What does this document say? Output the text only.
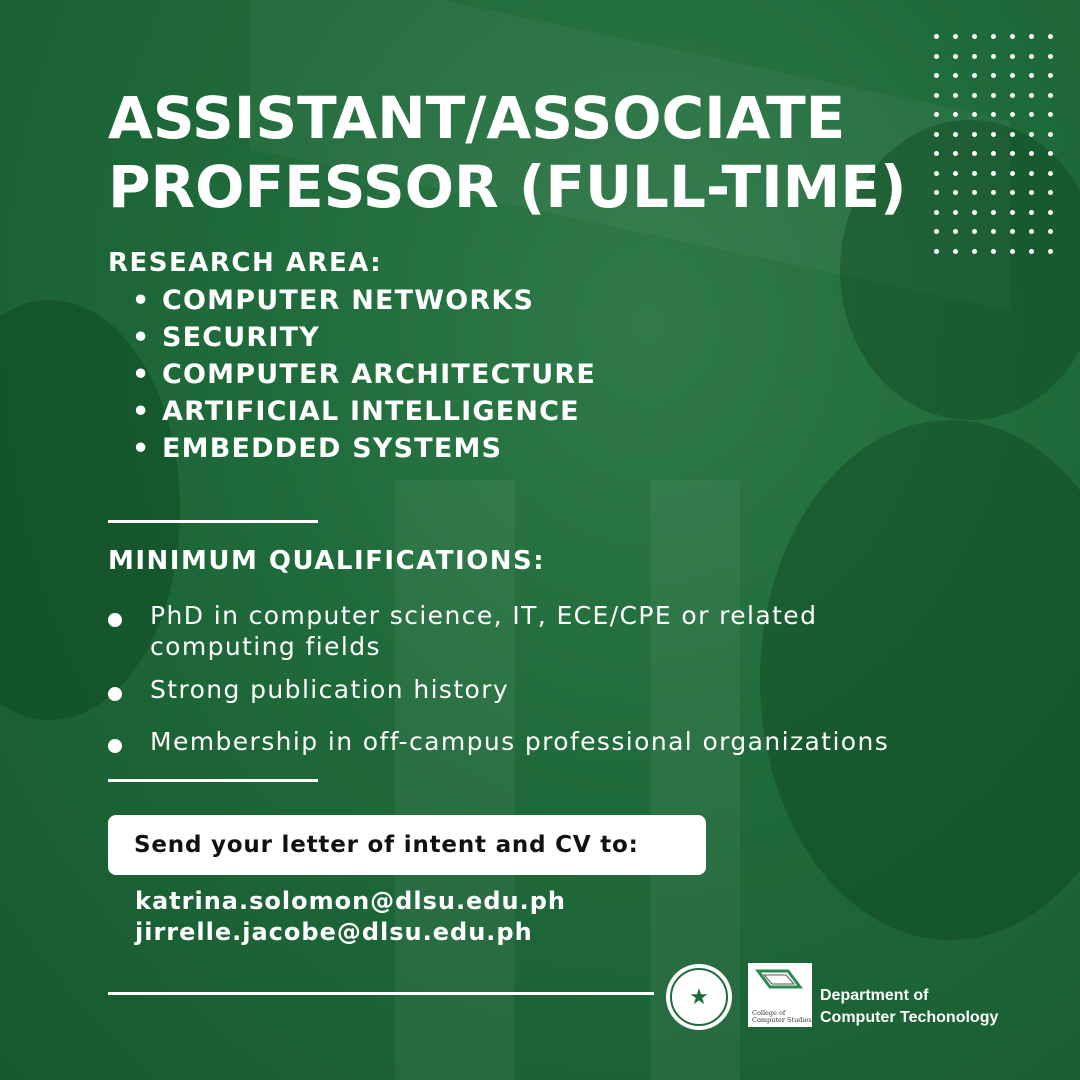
ASSISTANT/ASSOCIATE
PROFESSOR (FULL-TIME)
RESEARCH AREA:
• COMPUTER NETWORKS
• SECURITY
• COMPUTER ARCHITECTURE
• ARTIFICIAL INTELLIGENCE
• EMBEDDED SYSTEMS
MINIMUM QUALIFICATIONS:
PhD in computer science, IT, ECE/CPE or related computing fields
Strong publication history
Membership in off-campus professional organizations
Send your letter of intent and CV to:
katrina.solomon@dlsu.edu.ph
jirrelle.jacobe@dlsu.edu.ph
★
College of Computer Studies
Department of
Computer Techonology
